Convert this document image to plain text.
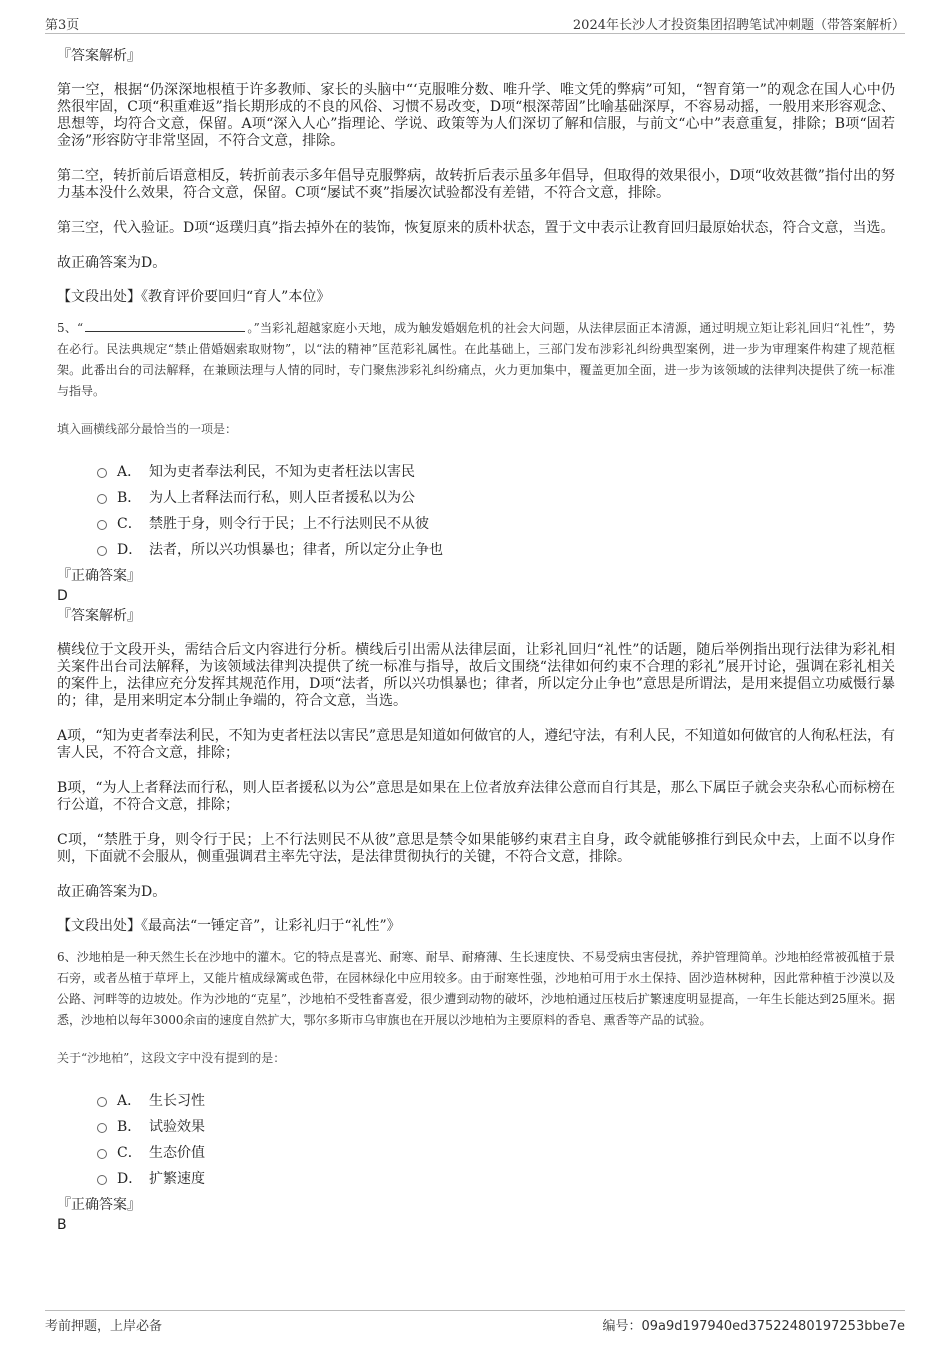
第3页	2024年长沙人才投资集团招聘笔试冲刺题（带答案解析）
『答案解析』

第一空，根据“仍深深地根植于许多教师、家长的头脑中“‘克服唯分数、唯升学、唯文凭的弊病”可知，“智育第一”的观念在国人心中仍然很牢固，C项“积重难返”指长期形成的不良的风俗、习惯不易改变，D项“根深蒂固”比喻基础深厚，不容易动摇，一般用来形容观念、思想等，均符合文意，保留。A项“深入人心”指理论、学说、政策等为人们深切了解和信服，与前文“心中”表意重复，排除；B项“固若金汤”形容防守非常坚固，不符合文意，排除。

第二空，转折前后语意相反，转折前表示多年倡导克服弊病，故转折后表示虽多年倡导，但取得的效果很小，D项“收效甚微”指付出的努力基本没什么效果，符合文意，保留。C项“屡试不爽”指屡次试验都没有差错，不符合文意，排除。

第三空，代入验证。D项“返璞归真”指去掉外在的装饰，恢复原来的质朴状态，置于文中表示让教育回归最原始状态，符合文意，当选。

故正确答案为D。

【文段出处】《教育评价要回归“育人”本位》

5、“	。”当彩礼超越家庭小天地，成为触发婚姻危机的社会大问题，从法律层面正本清源，通过明规立矩让彩礼回归“礼性”，势在必行。民法典规定“禁止借婚姻索取财物”，以“法的精神”匡范彩礼属性。在此基础上，三部门发布涉彩礼纠纷典型案例，进一步为审理案件构建了规范框架。此番出台的司法解释，在兼顾法理与人情的同时，专门聚焦涉彩礼纠纷痛点，火力更加集中，覆盖更加全面，进一步为该领域的法律判决提供了统一标准与指导。

填入画横线部分最恰当的一项是：

A． 知为吏者奉法利民，不知为吏者枉法以害民
B． 为人上者释法而行私，则人臣者援私以为公
C． 禁胜于身，则令行于民；上不行法则民不从彼
D． 法者，所以兴功惧暴也；律者，所以定分止争也
『正确答案』
D
『答案解析』

横线位于文段开头，需结合后文内容进行分析。横线后引出需从法律层面，让彩礼回归“礼性”的话题，随后举例指出现行法律为彩礼相关案件出台司法解释，为该领域法律判决提供了统一标准与指导，故后文围绕“法律如何约束不合理的彩礼”展开讨论，强调在彩礼相关的案件上，法律应充分发挥其规范作用，D项“法者，所以兴功惧暴也；律者，所以定分止争也”意思是所谓法，是用来提倡立功威慑行暴的；律，是用来明定本分制止争端的，符合文意，当选。

A项，“知为吏者奉法利民，不知为吏者枉法以害民”意思是知道如何做官的人，遵纪守法，有利人民，不知道如何做官的人徇私枉法，有害人民，不符合文意，排除；

B项，“为人上者释法而行私，则人臣者援私以为公”意思是如果在上位者放弃法律公意而自行其是，那么下属臣子就会夹杂私心而标榜在行公道，不符合文意，排除；

C项，“禁胜于身，则令行于民；上不行法则民不从彼”意思是禁令如果能够约束君主自身，政令就能够推行到民众中去，上面不以身作则，下面就不会服从，侧重强调君主率先守法，是法律贯彻执行的关键，不符合文意，排除。

故正确答案为D。

【文段出处】《最高法“一锤定音”，让彩礼归于“礼性”》

6、沙地柏是一种天然生长在沙地中的灌木。它的特点是喜光、耐寒、耐旱、耐瘠薄、生长速度快、不易受病虫害侵扰，养护管理简单。沙地柏经常被孤植于景石旁，或者丛植于草坪上，又能片植成绿篱或色带，在园林绿化中应用较多。由于耐寒性强，沙地柏可用于水土保持、固沙造林树种，因此常种植于沙漠以及公路、河畔等的边坡处。作为沙地的“克星”，沙地柏不受牲畜喜爱，很少遭到动物的破坏，沙地柏通过压枝后扩繁速度明显提高，一年生长能达到25厘米。据悉，沙地柏以每年3000余亩的速度自然扩大，鄂尔多斯市乌审旗也在开展以沙地柏为主要原料的香皂、熏香等产品的试验。

关于“沙地柏”，这段文字中没有提到的是：

A． 生长习性
B． 试验效果
C． 生态价值
D． 扩繁速度
『正确答案』
B
考前押题，上岸必备	编号：09a9d197940ed37522480197253bbe7e
